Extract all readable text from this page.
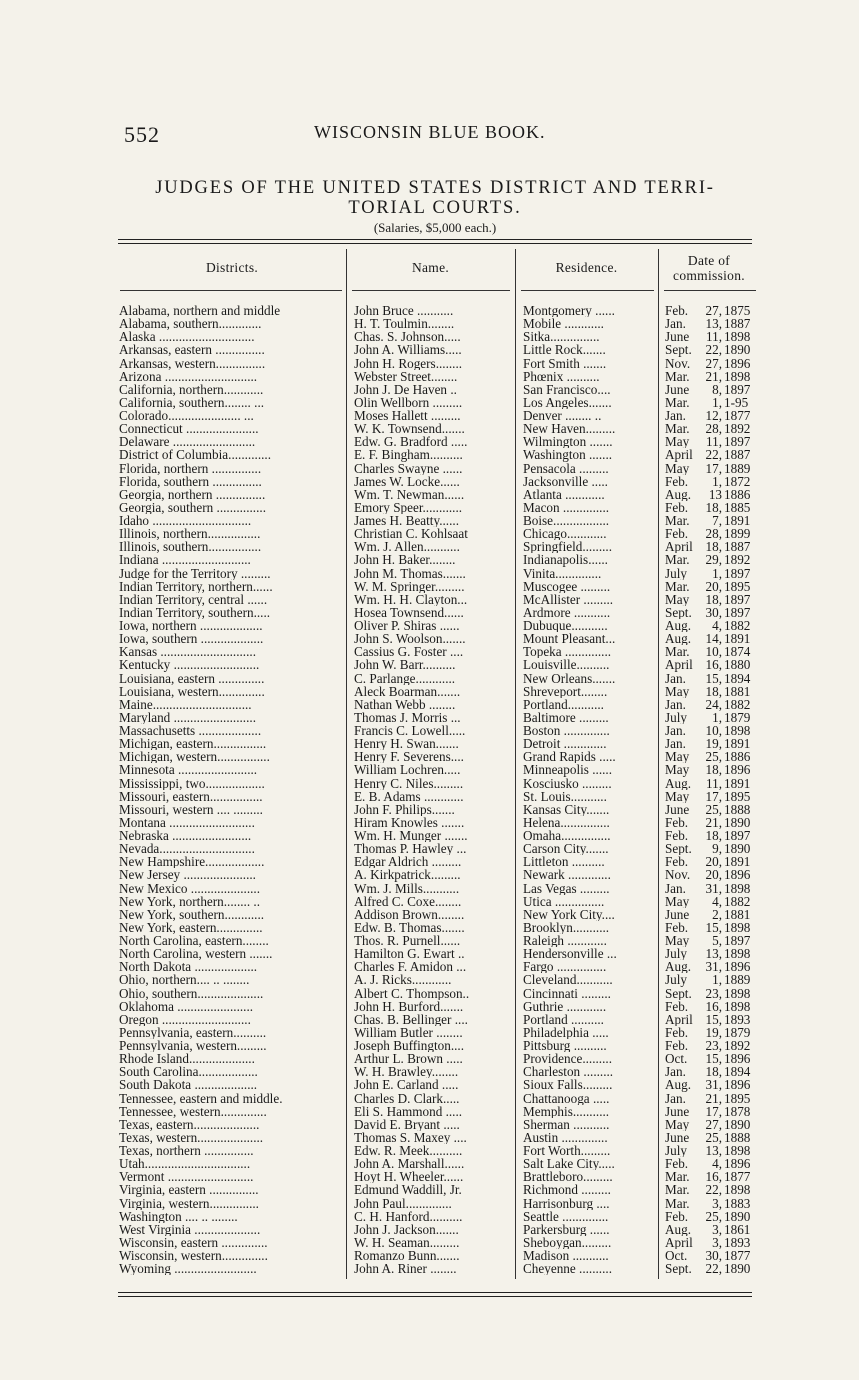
552	WISCONSIN BLUE BOOK.
JUDGES OF THE UNITED STATES DISTRICT AND TERRI-
TORIAL COURTS.
(Salaries, $5,000 each.)
Districts.	Name.	Residence.	Date of
commission.
Alabama, northern and middle	John Bruce ...........	Montgomery ......	Feb.	27, 1875
Alabama, southern.............	H. T. Toulmin........	Mobile ............	Jan.	13, 1887
Alaska .............................	Chas. S. Johnson.....	Sitka...............	June	11, 1898
Arkansas, eastern ...............	John A. Williams.....	Little Rock.......	Sept.	22, 1890
Arkansas, western...............	John H. Rogers........	Fort Smith .......	Nov.	27, 1896
Arizona ............................	Webster Street........	Phœnix ..........	Mar.	21, 1898
California, northern............	John J. De Haven ..	San Francisco....	June	8, 1897
California, southern........ ...	Olin Wellborn .........	Los Angeles.......	Mar.	1, 1-95
Colorado...................... ...	Moses Hallett .........	Denver ........ ..	Jan.	12, 1877
Connecticut ......................	W. K. Townsend.......	New Haven.........	Mar.	28, 1892
Delaware .........................	Edw. G. Bradford .....	Wilmington .......	May	11, 1897
District of Columbia.............	E. F. Bingham..........	Washington .......	April 22, 1887
Florida, northern ...............	Charles Swayne ......	Pensacola .........	May	17, 1889
Florida, southern ...............	James W. Locke......	Jacksonville .....	Feb.	1, 1872
Georgia, northern ...............	Wm. T. Newman......	Atlanta ............	Aug.	13 1886
Georgia, southern ...............	Emory Speer............	Macon ..............	Feb.	18, 1885
Idaho ..............................	James H. Beatty......	Boise.................	Mar.	7, 1891
Illinois, northern................	Christian C. Kohlsaat	Chicago............	Feb.	28, 1899
Illinois, southern................	Wm. J. Allen...........	Springfield.........	April 18, 1887
Indiana ...........................	John H. Baker........	Indianapolis......	Mar.	29, 1892
Judge for the Territory .........	John M. Thomas.......	Vinita..............	July	1, 1897
Indian Territory, northern......	W. M. Springer.........	Muscogee .........	Mar.	20, 1895
Indian Territory, central ......	Wm. H. H. Clayton...	McAllister .........	May	18, 1897
Indian Territory, southern.....	Hosea Townsend......	Ardmore ...........	Sept.	30, 1897
Iowa, northern ...................	Oliver P. Shiras ......	Dubuque...........	Aug.	4, 1882
Iowa, southern ...................	John S. Woolson.......	Mount Pleasant...	Aug.	14, 1891
Kansas .............................	Cassius G. Foster ....	Topeka ..............	Mar.	10, 1874
Kentucky ..........................	John W. Barr..........	Louisville..........	April 16, 1880
Louisiana, eastern ..............	C. Parlange............	New Orleans.......	Jan.	15, 1894
Louisiana, western..............	Aleck Boarman.......	Shreveport........	May	18, 1881
Maine..............................	Nathan Webb ........	Portland...........	Jan.	24, 1882
Maryland .........................	Thomas J. Morris ...	Baltimore .........	July	1, 1879
Massachusetts ...................	Francis C. Lowell.....	Boston ..............	Jan.	10, 1898
Michigan, eastern................	Henry H. Swan.......	Detroit .............	Jan.	19, 1891
Michigan, western................	Henry F. Severens....	Grand Rapids .....	May	25, 1886
Minnesota ........................	William Lochren.....	Minneapolis ......	May	18, 1896
Mississippi, two..................	Henry C. Niles.........	Kosciusko .........	Aug.	11, 1891
Missouri, eastern................	E. B. Adams ............	St. Louis...........	May	17, 1895
Missouri, western .... .........	John F. Philips.......	Kansas City.......	June	25, 1888
Montana ..........................	Hiram Knowles .......	Helena...............	Feb.	21, 1890
Nebraska ........................	Wm. H. Munger .......	Omaha...............	Feb.	18, 1897
Nevada.............................	Thomas P. Hawley ...	Carson City.......	Sept.	9, 1890
New Hampshire..................	Edgar Aldrich .........	Littleton ..........	Feb.	20, 1891
New Jersey ......................	A. Kirkpatrick.........	Newark .............	Nov.	20, 1896
New Mexico .....................	Wm. J. Mills...........	Las Vegas .........	Jan.	31, 1898
New York, northern........ ..	Alfred C. Coxe........	Utica ...............	May	4, 1882
New York, southern............	Addison Brown........	New York City....	June	2, 1881
New York, eastern..............	Edw. B. Thomas.......	Brooklyn...........	Feb.	15, 1898
North Carolina, eastern........	Thos. R. Purnell......	Raleigh ............	May	5, 1897
North Carolina, western .......	Hamilton G. Ewart ..	Hendersonville ...	July	13, 1898
North Dakota ...................	Charles F. Amidon ...	Fargo ...............	Aug.	31, 1896
Ohio, northern.... .. ........	A. J. Ricks............	Cleveland...........	July	1, 1889
Ohio, southern....................	Albert C. Thompson..	Cincinnati .........	Sept.	23, 1898
Oklahoma .......................	John H. Burford.......	Guthrie ............	Feb.	16, 1898
Oregon ...........................	Chas. B. Bellinger ....	Portland ..........	April 15, 1893
Pennsylvania, eastern..........	William Butler ........	Philadelphia .....	Feb.	19, 1879
Pennsylvania, western.........	Joseph Buffington....	Pittsburg ..........	Feb.	23, 1892
Rhode Island....................	Arthur L. Brown .....	Providence.........	Oct.	15, 1896
South Carolina..................	W. H. Brawley........	Charleston .........	Jan.	18, 1894
South Dakota ...................	John E. Carland .....	Sioux Falls.........	Aug.	31, 1896
Tennessee, eastern and middle.	Charles D. Clark.....	Chattanooga .....	Jan.	21, 1895
Tennessee, western..............	Eli S. Hammond .....	Memphis...........	June	17, 1878
Texas, eastern....................	David E. Bryant .....	Sherman ...........	May	27, 1890
Texas, western....................	Thomas S. Maxey ....	Austin ..............	June	25, 1888
Texas, northern ...............	Edw. R. Meek..........	Fort Worth.........	July	13, 1898
Utah................................	John A. Marshall......	Salt Lake City.....	Feb.	4, 1896
Vermont ..........................	Hoyt H. Wheeler......	Brattleboro.........	Mar.	16, 1877
Virginia, eastern ...............	Edmund Waddill, Jr.	Richmond .........	Mar.	22, 1898
Virginia, western...............	John Paul..............	Harrisonburg ....	Mar.	3, 1883
Washington .... .. ........	C. H. Hanford..........	Seattle ..............	Feb.	25, 1890
West Virginia ....................	John J. Jackson.......	Parkersburg ......	Aug.	3, 1861
Wisconsin, eastern ..............	W. H. Seaman.........	Sheboygan.........	April	3, 1893
Wisconsin, western..............	Romanzo Bunn.......	Madison ...........	Oct.	30, 1877
Wyoming .........................	John A. Riner ........	Cheyenne ..........	Sept.	22, 1890
